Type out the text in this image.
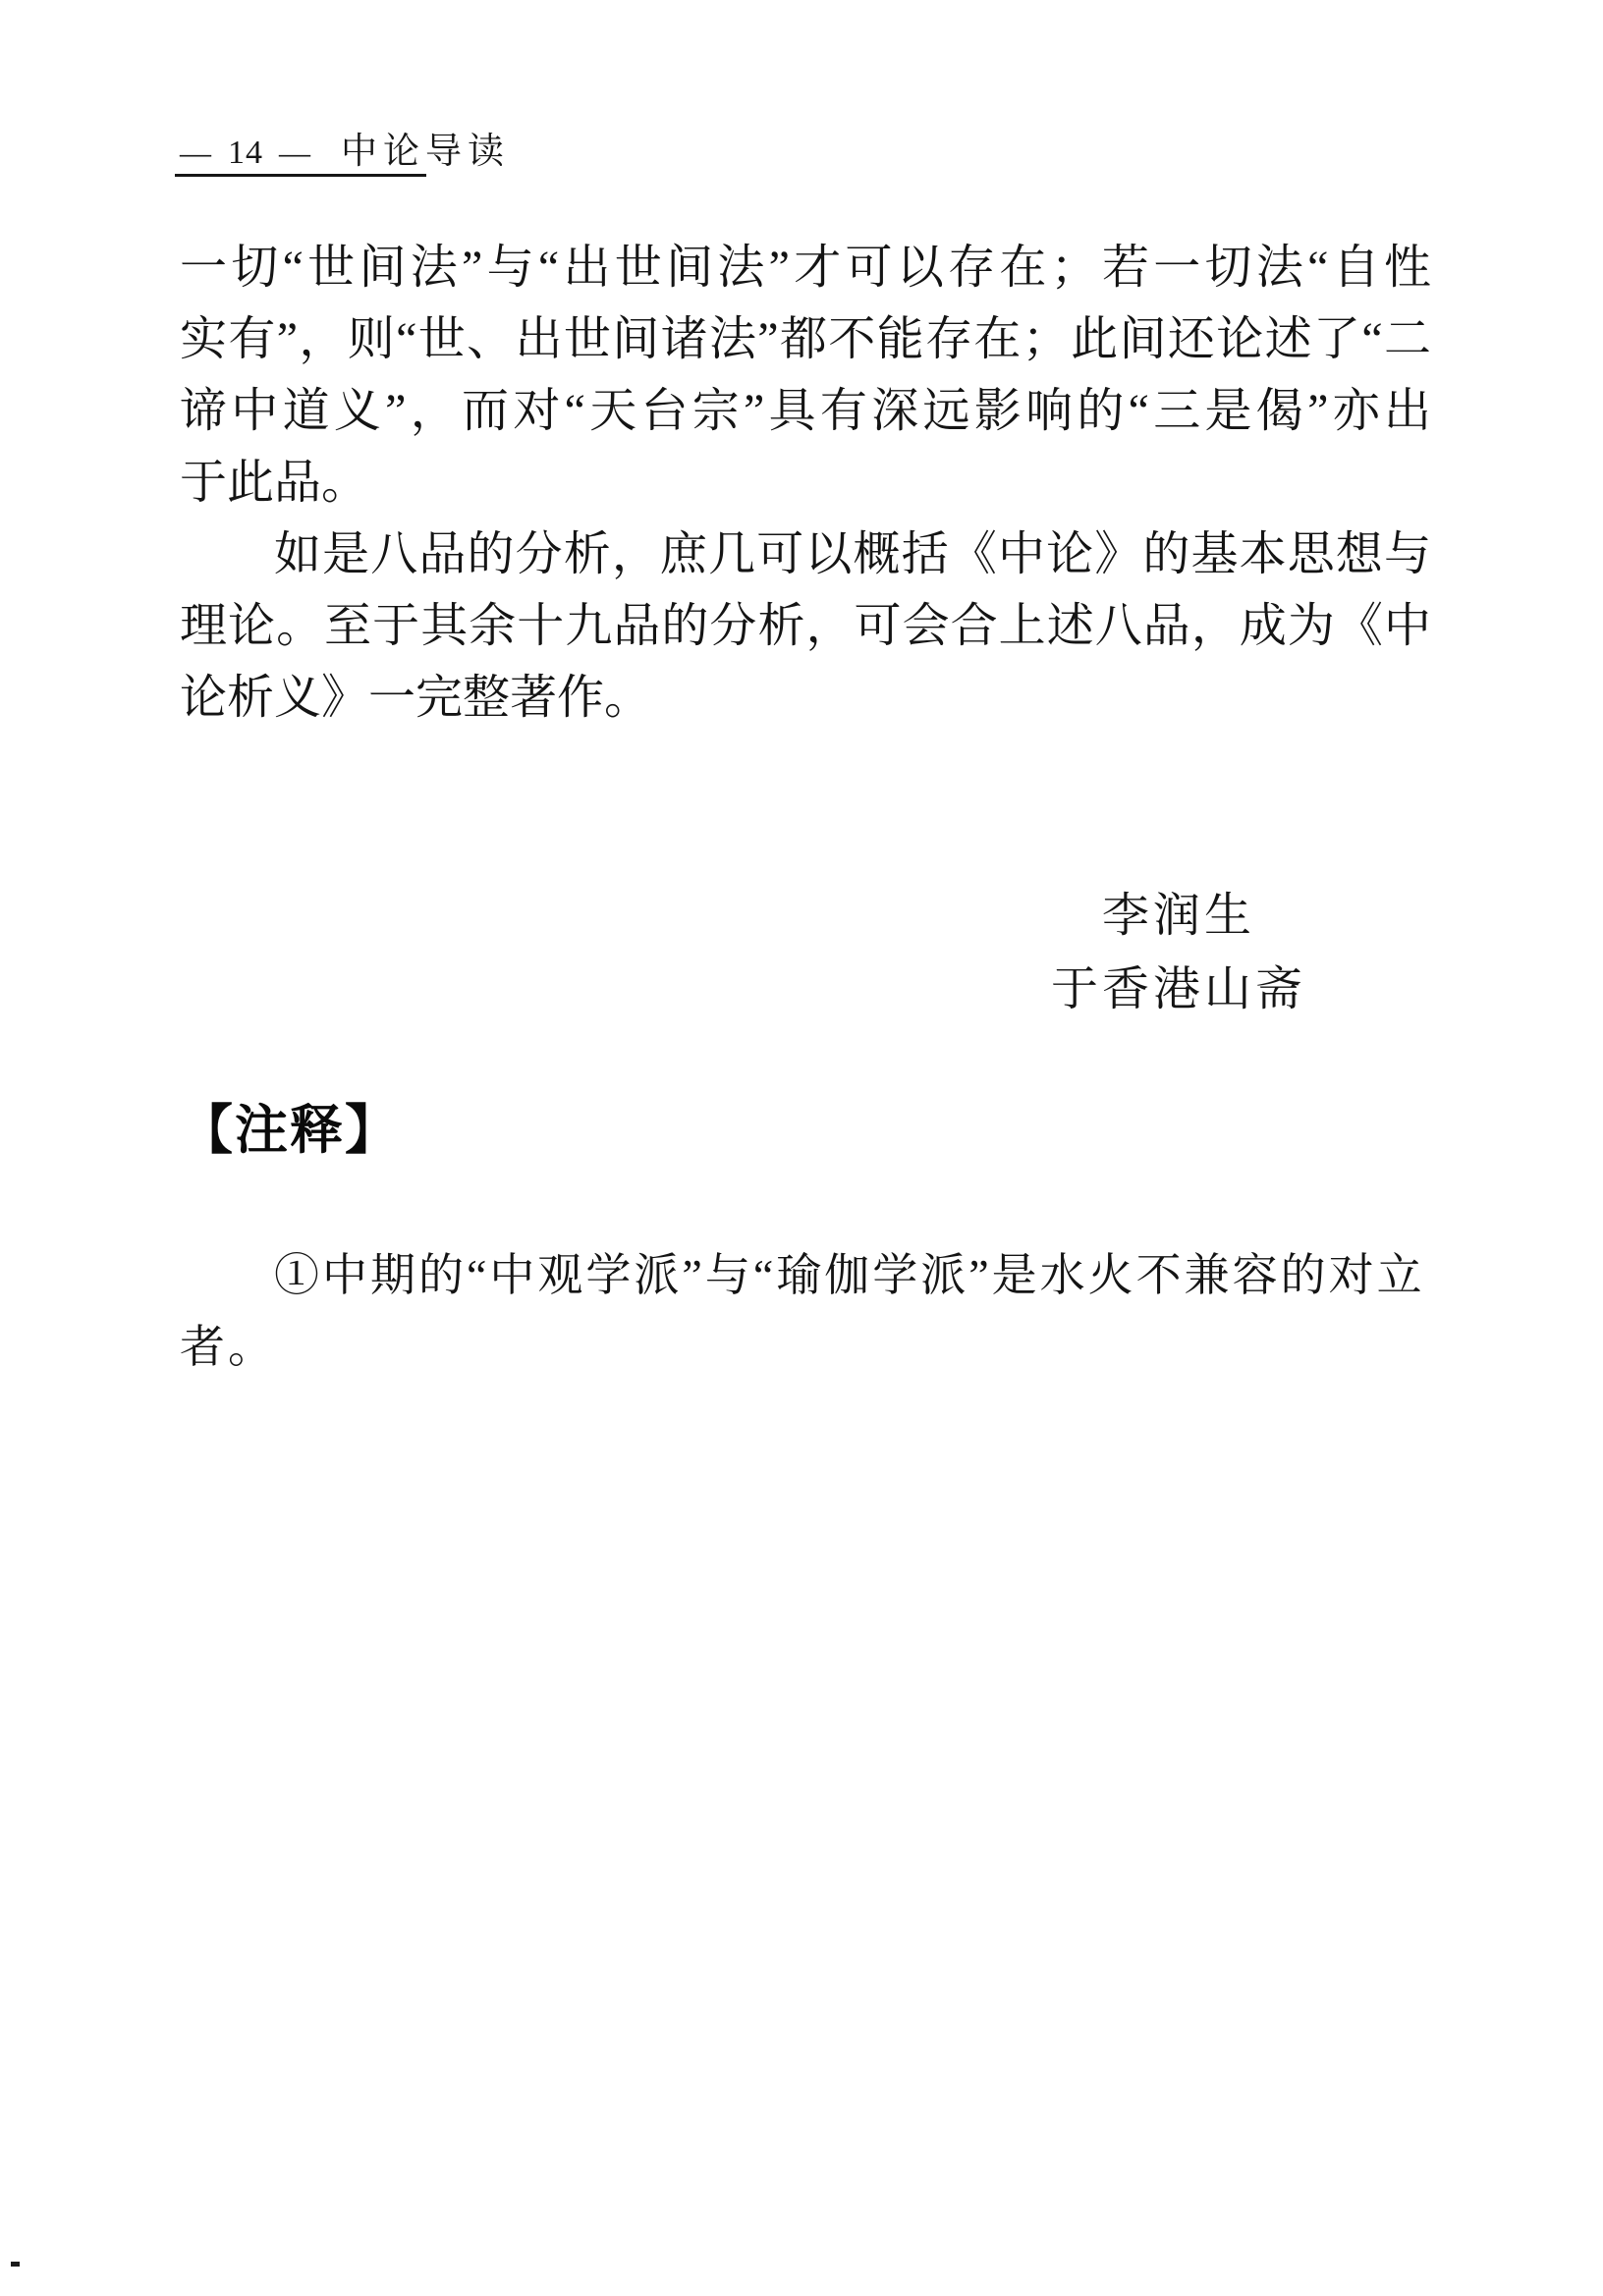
— 14 — 中论导读

一切“世间法”与“出世间法”才可以存在；若一切法“自性

实有”，则“世、出世间诸法”都不能存在；此间还论述了“二

谛中道义”，而对“天台宗”具有深远影响的“三是偈”亦出

于此品。

如是八品的分析，庶几可以概括《中论》的基本思想与

理论。至于其余十九品的分析，可会合上述八品，成为《中

论析义》一完整著作。

李润生

于香港山斋

【注释】

①中期的“中观学派”与“瑜伽学派”是水火不兼容的对立

者。
